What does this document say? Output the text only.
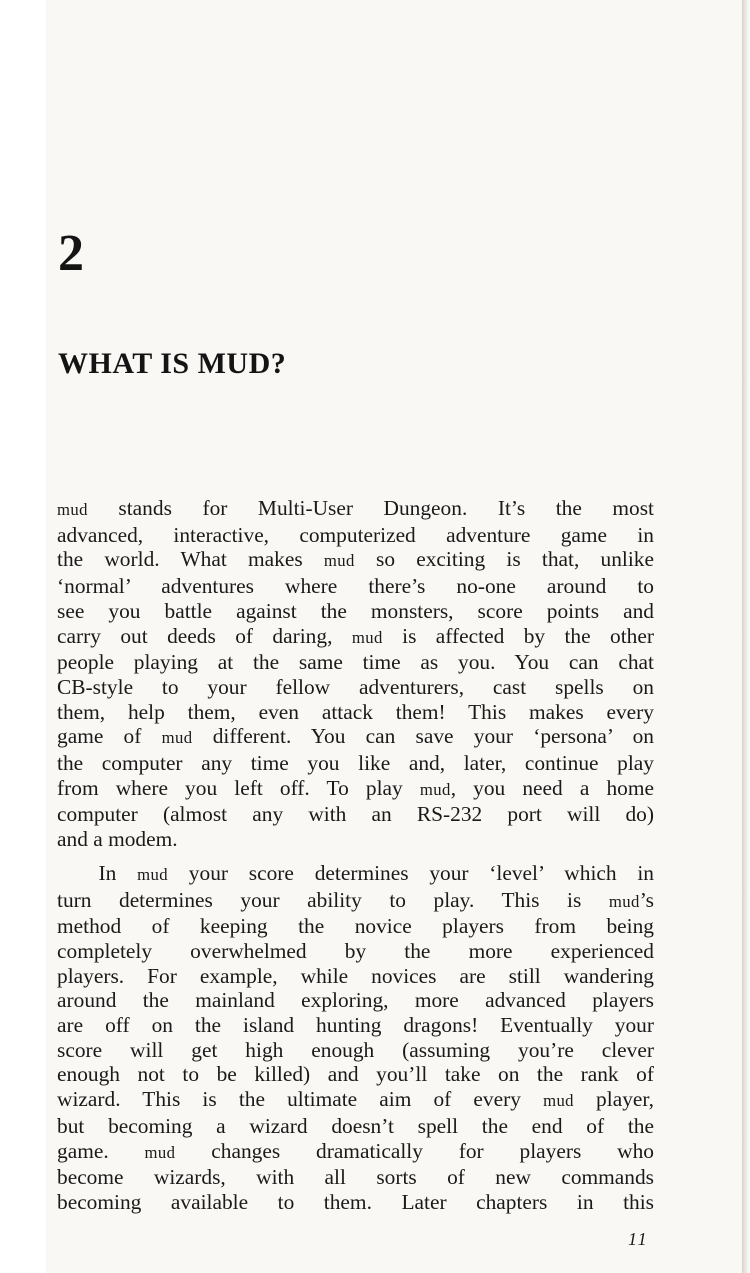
2
WHAT IS MUD?

mud stands for Multi-User Dungeon. It’s the most

advanced, interactive, computerized adventure game in

the world. What makes mud so exciting is that, unlike

‘normal’ adventures where there’s no-one around to

see you battle against the monsters, score points and

carry out deeds of daring, mud is affected by the other

people playing at the same time as you. You can chat

CB-style to your fellow adventurers, cast spells on

them, help them, even attack them! This makes every

game of mud different. You can save your ‘persona’ on

the computer any time you like and, later, continue play

from where you left off. To play mud, you need a home

computer (almost any with an RS-232 port will do)

and a modem.

In mud your score determines your ‘level’ which in

turn determines your ability to play. This is mud’s

method of keeping the novice players from being

completely overwhelmed by the more experienced

players. For example, while novices are still wandering

around the mainland exploring, more advanced players

are off on the island hunting dragons! Eventually your

score will get high enough (assuming you’re clever

enough not to be killed) and you’ll take on the rank of

wizard. This is the ultimate aim of every mud player,

but becoming a wizard doesn’t spell the end of the

game. mud changes dramatically for players who

become wizards, with all sorts of new commands

becoming available to them. Later chapters in this

11
